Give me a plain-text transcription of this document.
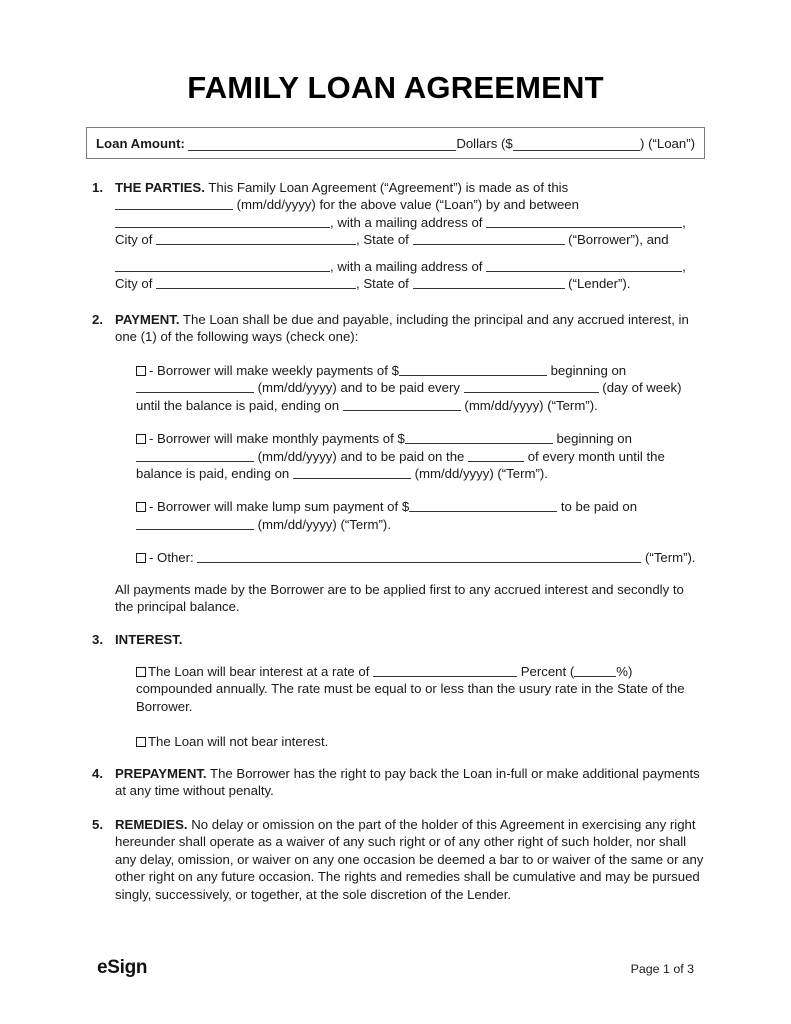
FAMILY LOAN AGREEMENT
Loan Amount:	Dollars ($	) (“Loan”)
1. THE PARTIES. This Family Loan Agreement (“Agreement”) is made as of this
(mm/dd/yyyy) for the above value (“Loan”) by and between
, with a mailing address of	,
City of	, State of	(“Borrower”), and
, with a mailing address of	,
City of	, State of	(“Lender”).
2. PAYMENT. The Loan shall be due and payable, including the principal and any accrued interest, in one (1) of the following ways (check one):
- Borrower will make weekly payments of $	beginning on
(mm/dd/yyyy) and to be paid every	(day of week) until the balance is paid, ending on	(mm/dd/yyyy) (“Term”).
- Borrower will make monthly payments of $	beginning on
(mm/dd/yyyy) and to be paid on the	of every month until the balance is paid, ending on	(mm/dd/yyyy) (“Term”).
- Borrower will make lump sum payment of $	to be paid on
(mm/dd/yyyy) (“Term”).
- Other:	(“Term”).
All payments made by the Borrower are to be applied first to any accrued interest and secondly to the principal balance.
3. INTEREST.
The Loan will bear interest at a rate of	Percent (	%) compounded annually. The rate must be equal to or less than the usury rate in the State of the Borrower.
The Loan will not bear interest.
4. PREPAYMENT. The Borrower has the right to pay back the Loan in-full or make additional payments at any time without penalty.
5. REMEDIES. No delay or omission on the part of the holder of this Agreement in exercising any right hereunder shall operate as a waiver of any such right or of any other right of such holder, nor shall any delay, omission, or waiver on any one occasion be deemed a bar to or waiver of the same or any other right on any future occasion. The rights and remedies shall be cumulative and may be pursued singly, successively, or together, at the sole discretion of the Lender.
eSign	Page 1 of 3
